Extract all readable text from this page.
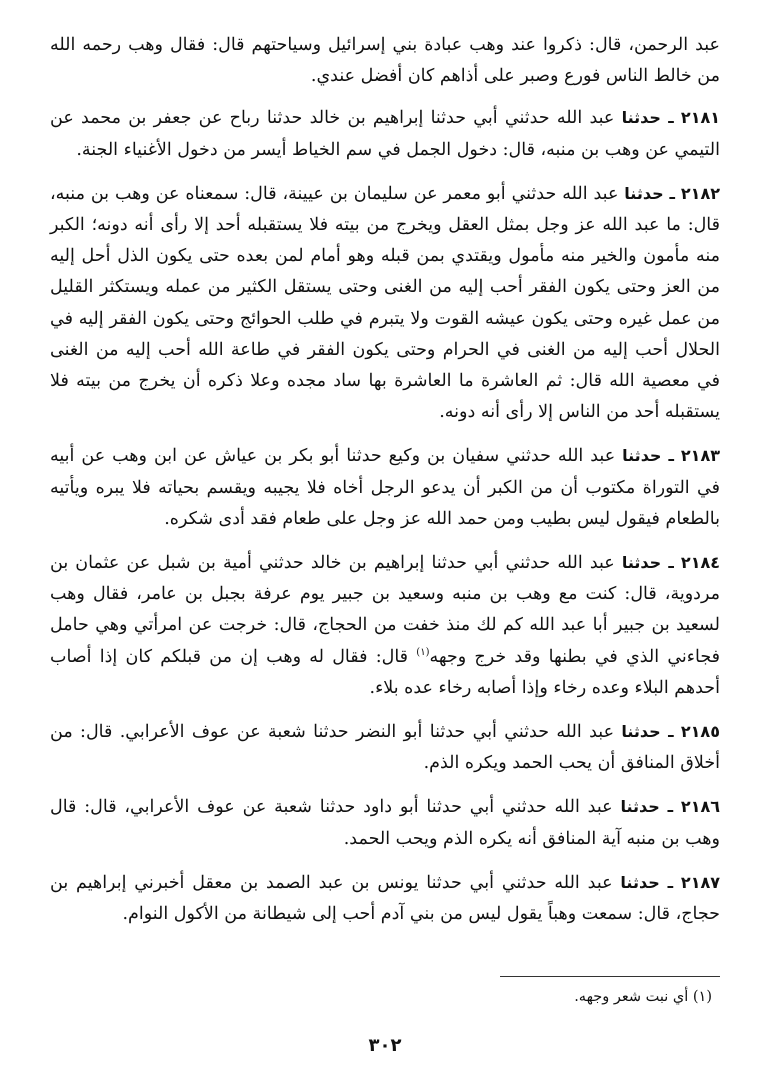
عبد الرحمن، قال: ذكروا عند وهب عبادة بني إسرائيل وسياحتهم قال: فقال وهب رحمه الله من خالط الناس فورع وصبر على أذاهم كان أفضل عندي.

٢١٨١ ـ حدثنا عبد الله حدثني أبي حدثنا إبراهيم بن خالد حدثنا رباح عن جعفر بن محمد عن التيمي عن وهب بن منبه، قال: دخول الجمل في سم الخياط أيسر من دخول الأغنياء الجنة.

٢١٨٢ ـ حدثنا عبد الله حدثني أبو معمر عن سليمان بن عيينة، قال: سمعناه عن وهب بن منبه، قال: ما عبد الله عز وجل بمثل العقل ويخرج من بيته فلا يستقبله أحد إلا رأى أنه دونه؛ الكبر منه مأمون والخير منه مأمول ويقتدي بمن قبله وهو أمام لمن بعده حتى يكون الذل أحل إليه من العز وحتى يكون الفقر أحب إليه من الغنى وحتى يستقل الكثير من عمله ويستكثر القليل من عمل غيره وحتى يكون عيشه القوت ولا يتبرم في طلب الحوائج وحتى يكون الفقر إليه في الحلال أحب إليه من الغنى في الحرام وحتى يكون الفقر في طاعة الله أحب إليه من الغنى في معصية الله قال: ثم العاشرة ما العاشرة بها ساد مجده وعلا ذكره أن يخرج من بيته فلا يستقبله أحد من الناس إلا رأى أنه دونه.

٢١٨٣ ـ حدثنا عبد الله حدثني سفيان بن وكيع حدثنا أبو بكر بن عياش عن ابن وهب عن أبيه في التوراة مكتوب أن من الكبر أن يدعو الرجل أخاه فلا يجيبه ويقسم بحياته فلا يبره ويأتيه بالطعام فيقول ليس بطيب ومن حمد الله عز وجل على طعام فقد أدى شكره.

٢١٨٤ ـ حدثنا عبد الله حدثني أبي حدثنا إبراهيم بن خالد حدثني أمية بن شبل عن عثمان بن مردوية، قال: كنت مع وهب بن منبه وسعيد بن جبير يوم عرفة بجبل بن عامر، فقال وهب لسعيد بن جبير أبا عبد الله كم لك منذ خفت من الحجاج، قال: خرجت عن امرأتي وهي حامل فجاءني الذي في بطنها وقد خرج وجهه$^{(١)}$ قال: فقال له وهب إن من قبلكم كان إذا أصاب أحدهم البلاء وعده رخاء وإذا أصابه رخاء عده بلاء.

٢١٨٥ ـ حدثنا عبد الله حدثني أبي حدثنا أبو النضر حدثنا شعبة عن عوف الأعرابي. قال: من أخلاق المنافق أن يحب الحمد ويكره الذم.

٢١٨٦ ـ حدثنا عبد الله حدثني أبي حدثنا أبو داود حدثنا شعبة عن عوف الأعرابي، قال: قال وهب بن منبه آية المنافق أنه يكره الذم ويحب الحمد.

٢١٨٧ ـ حدثنا عبد الله حدثني أبي حدثنا يونس بن عبد الصمد بن معقل أخبرني إبراهيم بن حجاج، قال: سمعت وهباً يقول ليس من بني آدم أحب إلى شيطانة من الأكول النوام.

(١) أي نبت شعر وجهه.
٣٠٢
